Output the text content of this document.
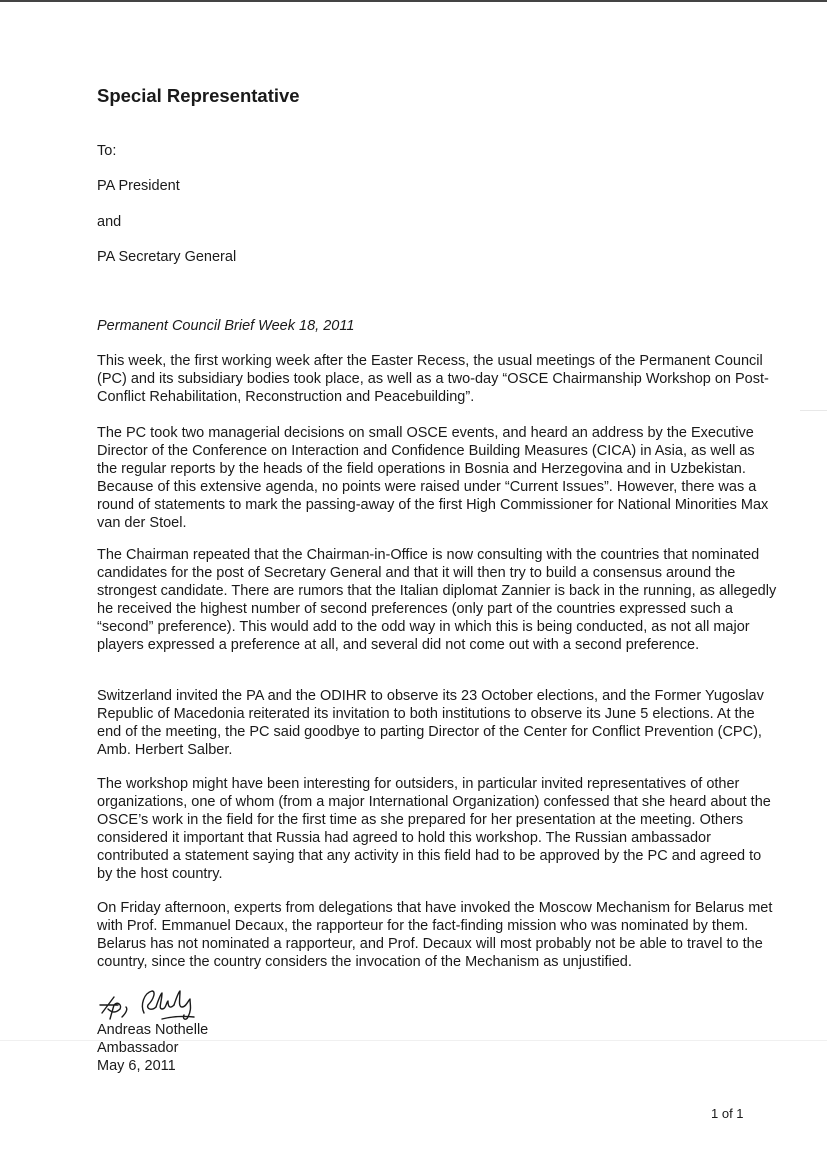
Special Representative

To:

PA President

and

PA Secretary General

Permanent Council Brief Week 18, 2011

This week, the first working week after the Easter Recess, the usual meetings of the Permanent Council (PC) and its subsidiary bodies took place, as well as a two-day “OSCE Chairmanship Workshop on Post-Conflict Rehabilitation, Reconstruction and Peacebuilding”.

The PC took two managerial decisions on small OSCE events, and heard an address by the Executive Director of the Conference on Interaction and Confidence Building Measures (CICA) in Asia, as well as the regular reports by the heads of the field operations in Bosnia and Herzegovina and in Uzbekistan. Because of this extensive agenda, no points were raised under “Current Issues”. However, there was a round of statements to mark the passing-away of the first High Commissioner for National Minorities Max van der Stoel.

The Chairman repeated that the Chairman-in-Office is now consulting with the countries that nominated candidates for the post of Secretary General and that it will then try to build a consensus around the strongest candidate. There are rumors that the Italian diplomat Zannier is back in the running, as allegedly he received the highest number of second preferences (only part of the countries expressed such a “second” preference). This would add to the odd way in which this is being conducted, as not all major players expressed a preference at all, and several did not come out with a second preference.

Switzerland invited the PA and the ODIHR to observe its 23 October elections, and the Former Yugoslav Republic of Macedonia reiterated its invitation to both institutions to observe its June 5 elections. At the end of the meeting, the PC said goodbye to parting Director of the Center for Conflict Prevention (CPC), Amb. Herbert Salber.

The workshop might have been interesting for outsiders, in particular invited representatives of other organizations, one of whom (from a major International Organization) confessed that she heard about the OSCE’s work in the field for the first time as she prepared for her presentation at the meeting. Others considered it important that Russia had agreed to hold this workshop. The Russian ambassador contributed a statement saying that any activity in this field had to be approved by the PC and agreed to by the host country.

On Friday afternoon, experts from delegations that have invoked the Moscow Mechanism for Belarus met with Prof. Emmanuel Decaux, the rapporteur for the fact-finding mission who was nominated by them. Belarus has not nominated a rapporteur, and Prof. Decaux will most probably not be able to travel to the country, since the country considers the invocation of the Mechanism as unjustified.

Andreas Nothelle

Ambassador

May 6, 2011

1 of 1
